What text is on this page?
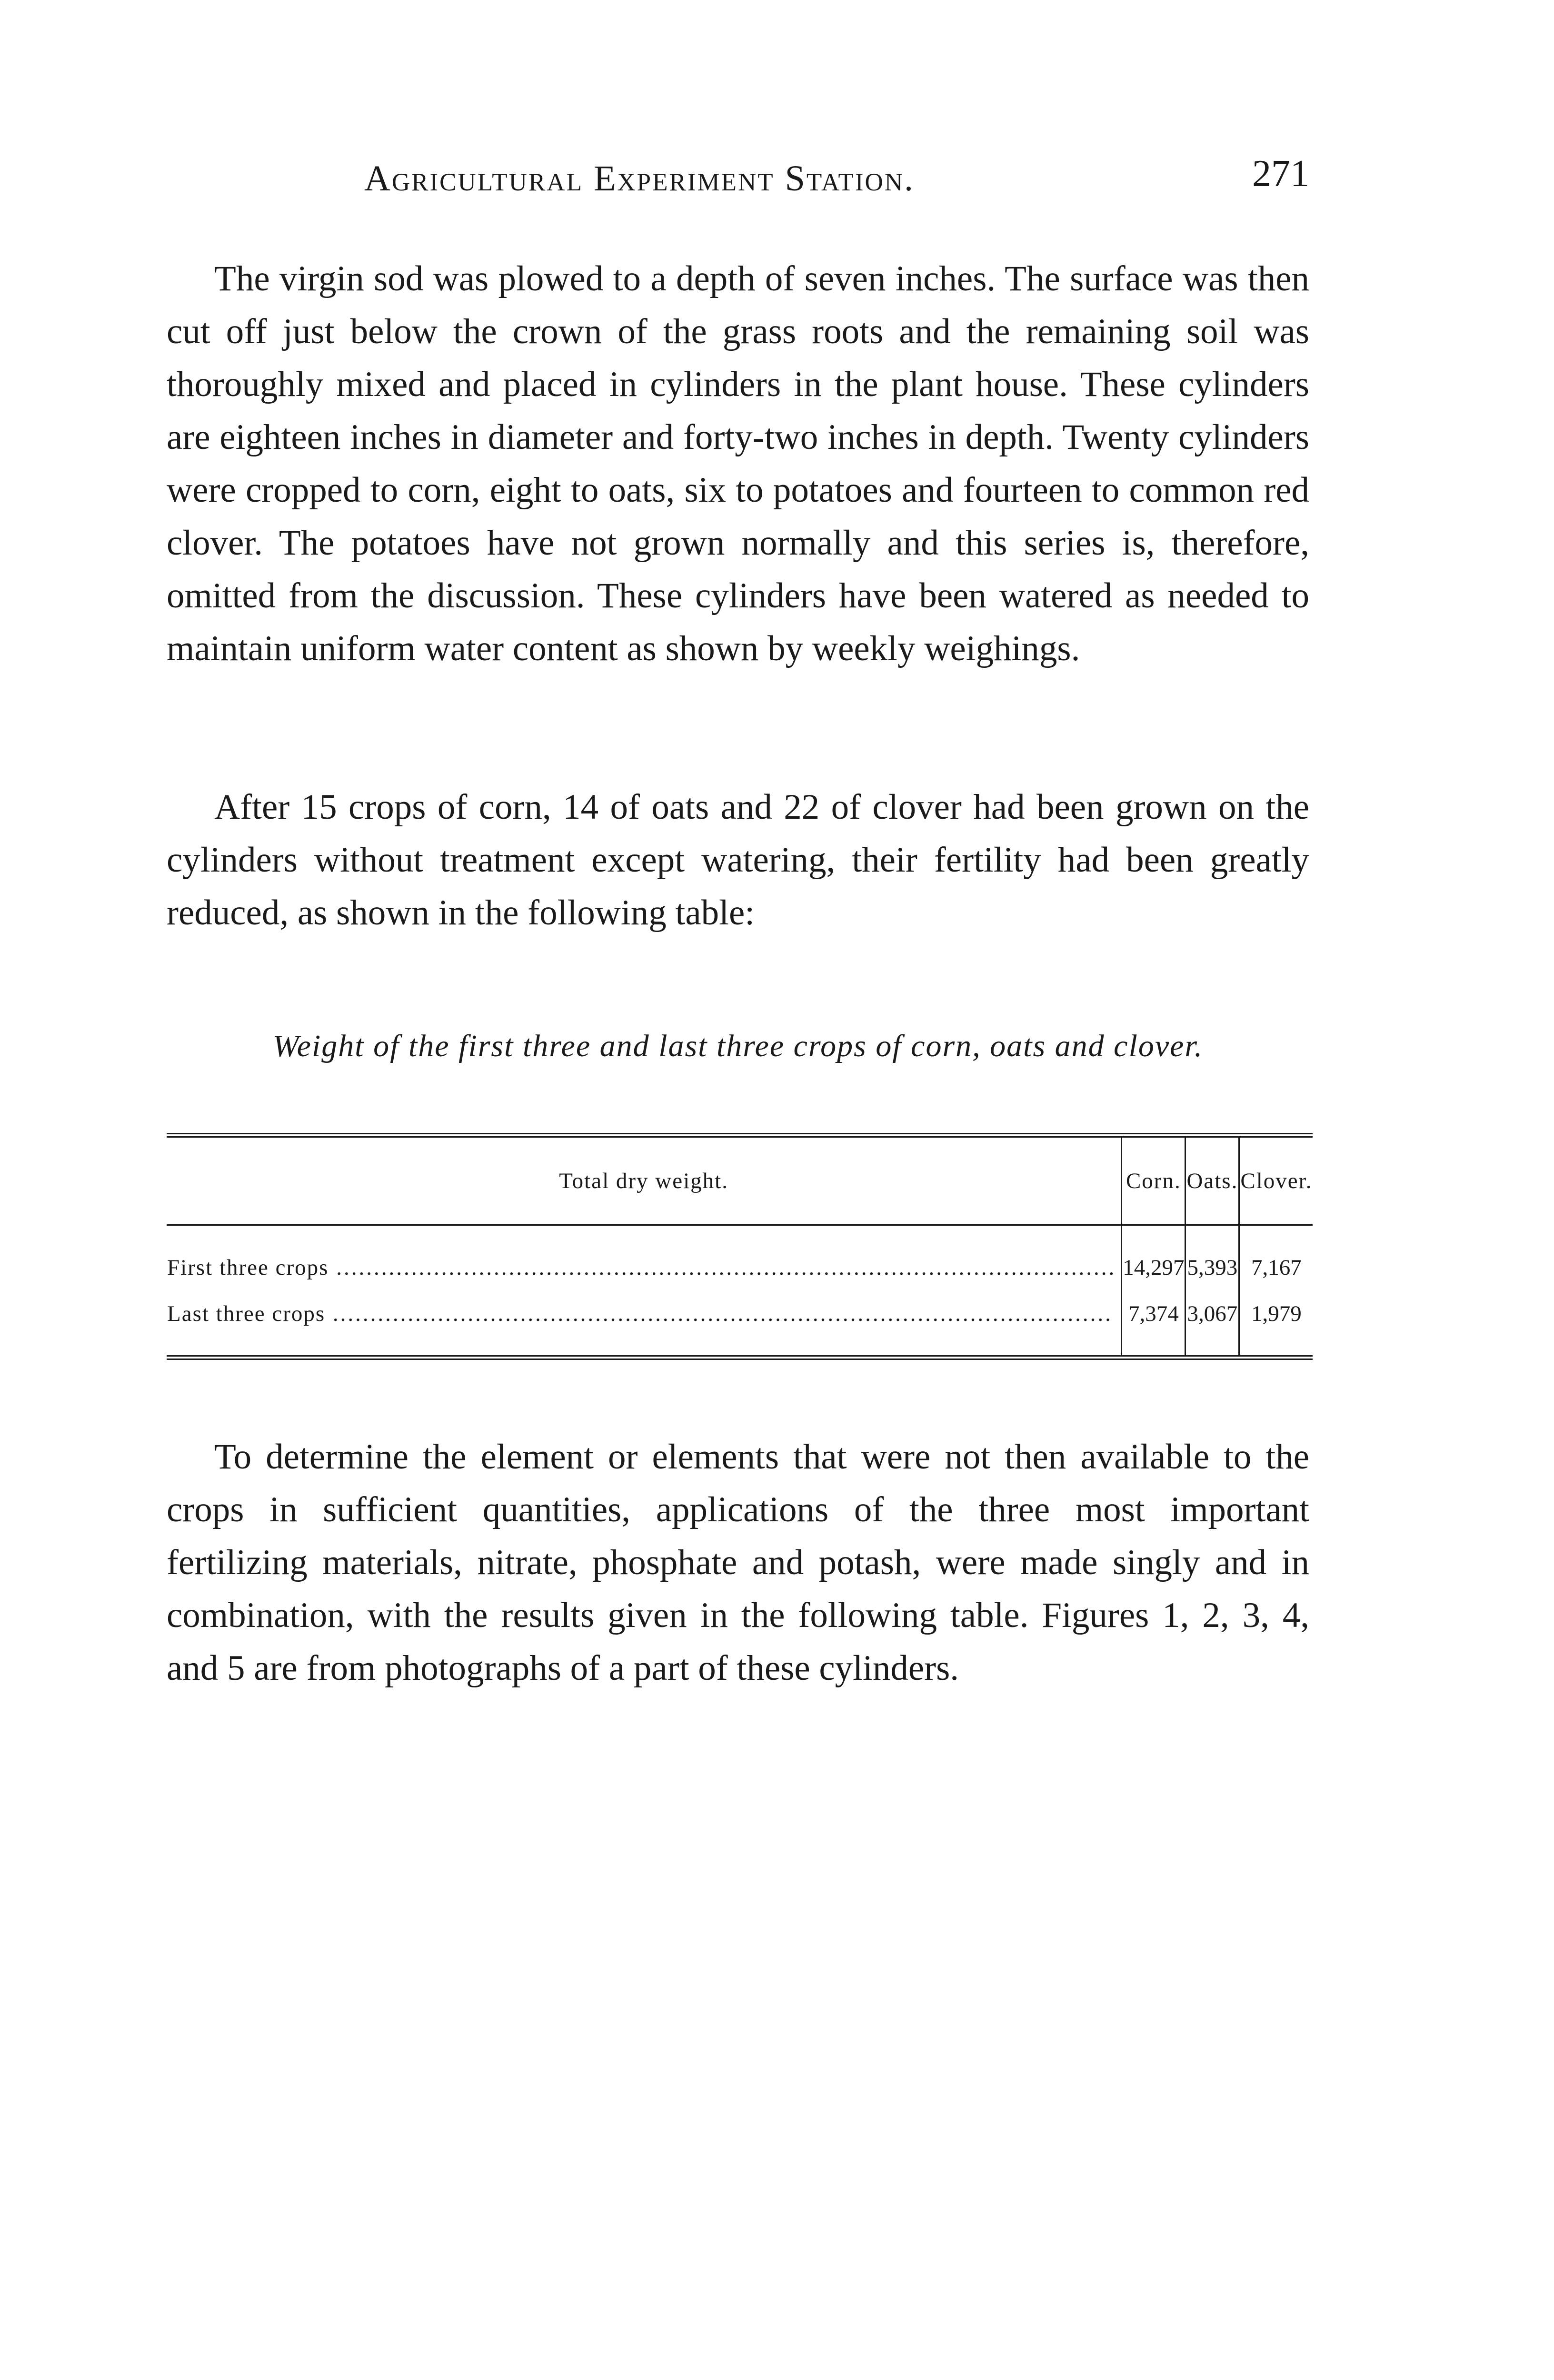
Agricultural Experiment Station.	271

The virgin sod was plowed to a depth of seven inches. The surface was then cut off just below the crown of the grass roots and the remaining soil was thoroughly mixed and placed in cylinders in the plant house. These cylinders are eighteen inches in diameter and forty-two inches in depth. Twenty cylinders were cropped to corn, eight to oats, six to potatoes and fourteen to common red clover. The potatoes have not grown normally and this series is, therefore, omitted from the discussion. These cylinders have been watered as needed to maintain uniform water content as shown by weekly weighings.

After 15 crops of corn, 14 of oats and 22 of clover had been grown on the cylinders without treatment except watering, their fertility had been greatly reduced, as shown in the following table:

Weight of the first three and last three crops of corn, oats and clover.

Total dry weight.	Corn.	Oats.	Clover.
First three crops .....	14,297	5,393	7,167
Last three crops .....	7,374	3,067	1,979

To determine the element or elements that were not then available to the crops in sufficient quantities, applications of the three most important fertilizing materials, nitrate, phosphate and potash, were made singly and in combination, with the results given in the following table. Figures 1, 2, 3, 4, and 5 are from photographs of a part of these cylinders.
